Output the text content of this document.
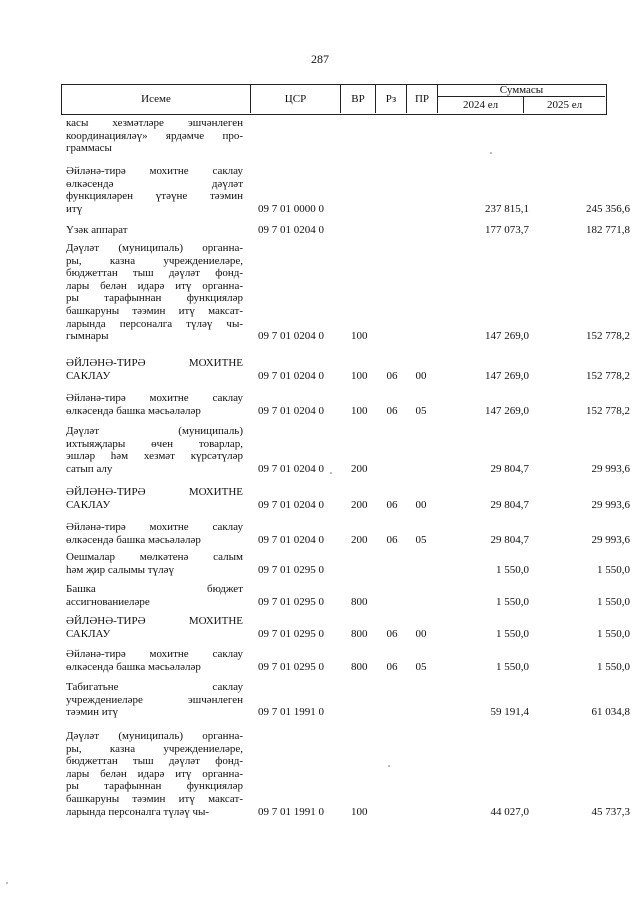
287
Исеме	ЦСР	ВР	Рз	ПР
Суммасы
2024 ел	2025 ел
касы хезмәтләре эшчәнлеген
координацияләү» ярдәмче про-
граммасы
Әйләнә-тирә мохитне саклау
өлкәсендә дәүләт
функцияләрен үтәүне тәэмин
итү	09 7 01 0000 0	237 815,1	245 356,6
Үзәк аппарат	09 7 01 0204 0	177 073,7	182 771,8
Дәүләт (муниципаль) органна-
ры, казна учреждениеләре,
бюджеттан тыш дәүләт фонд-
лары белән идарә итү органна-
ры тарафыннан функцияләр
башкаруны тәэмин итү максат-
ларында персоналга түләү чы-
гымнары	09 7 01 0204 0 100	147 269,0	152 778,2
ӘЙЛӘНӘ-ТИРӘ МОХИТНЕ
САКЛАУ	09 7 01 0204 0 100	06	00	147 269,0	152 778,2
Әйләнә-тирә мохитне саклау
өлкәсендә башка мәсьәләләр	09 7 01 0204 0 100	06	05	147 269,0	152 778,2
Дәүләт (муниципаль)
ихтыяҗлары өчен товарлар,
эшләр һәм хезмәт күрсәтүләр
сатып алу	09 7 01 0204 0 200	29 804,7	29 993,6
ӘЙЛӘНӘ-ТИРӘ МОХИТНЕ
САКЛАУ	09 7 01 0204 0 200	06	00	29 804,7	29 993,6
Әйләнә-тирә мохитне саклау
өлкәсендә башка мәсьәләләр	09 7 01 0204 0 200	06	05	29 804,7	29 993,6
Оешмалар мөлкәтенә салым
һәм җир салымы түләү	09 7 01 0295 0	1 550,0	1 550,0
Башка бюджет
ассигнованиеләре	09 7 01 0295 0 800	1 550,0	1 550,0
ӘЙЛӘНӘ-ТИРӘ МОХИТНЕ
САКЛАУ	09 7 01 0295 0 800	06	00	1 550,0	1 550,0
Әйләнә-тирә мохитне саклау
өлкәсендә башка мәсьәләләр	09 7 01 0295 0 800	06	05	1 550,0	1 550,0
Табигатьне саклау
учреждениеләре эшчәнлеген
тәэмин итү	09 7 01 1991 0	59 191,4	61 034,8
Дәүләт (муниципаль) органна-
ры, казна учреждениеләре,
бюджеттан тыш дәүләт фонд-
лары белән идарә итү органна-
ры тарафыннан функцияләр
башкаруны тәэмин итү максат-
ларында персоналга түләү чы-	09 7 01 1991 0 100	44 027,0	45 737,3
